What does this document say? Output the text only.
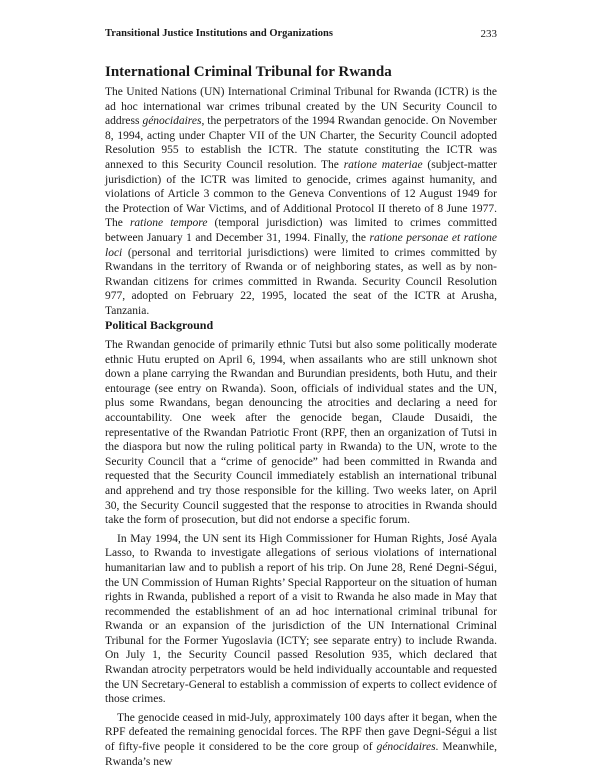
Transitional Justice Institutions and Organizations	233
International Criminal Tribunal for Rwanda

The United Nations (UN) International Criminal Tribunal for Rwanda (ICTR) is the ad hoc international war crimes tribunal created by the UN Security Council to address génocidaires, the perpetrators of the 1994 Rwandan genocide. On November 8, 1994, acting under Chapter VII of the UN Charter, the Security Council adopted Resolution 955 to establish the ICTR. The statute constituting the ICTR was annexed to this Security Council resolution. The ratione materiae (subject-matter jurisdiction) of the ICTR was limited to genocide, crimes against humanity, and violations of Article 3 common to the Geneva Conventions of 12 August 1949 for the Protection of War Victims, and of Additional Protocol II thereto of 8 June 1977. The ratione tempore (temporal jurisdiction) was limited to crimes committed between January 1 and December 31, 1994. Finally, the ratione personae et ratione loci (personal and territorial jurisdictions) were limited to crimes committed by Rwandans in the territory of Rwanda or of neighboring states, as well as by non-Rwandan citizens for crimes committed in Rwanda. Security Council Resolution 977, adopted on February 22, 1995, located the seat of the ICTR at Arusha, Tanzania.

Political Background

The Rwandan genocide of primarily ethnic Tutsi but also some politically moderate ethnic Hutu erupted on April 6, 1994, when assailants who are still unknown shot down a plane carrying the Rwandan and Burundian presidents, both Hutu, and their entourage (see entry on Rwanda). Soon, officials of individual states and the UN, plus some Rwandans, began denouncing the atrocities and declaring a need for accountability. One week after the genocide began, Claude Dusaidi, the representative of the Rwandan Patriotic Front (RPF, then an organization of Tutsi in the diaspora but now the ruling political party in Rwanda) to the UN, wrote to the Security Council that a “crime of genocide” had been committed in Rwanda and requested that the Security Council immediately establish an international tribunal and apprehend and try those responsible for the killing. Two weeks later, on April 30, the Security Council suggested that the response to atrocities in Rwanda should take the form of prosecution, but did not endorse a specific forum.

In May 1994, the UN sent its High Commissioner for Human Rights, José Ayala Lasso, to Rwanda to investigate allegations of serious violations of international humanitarian law and to publish a report of his trip. On June 28, René Degni-Ségui, the UN Commission of Human Rights’ Special Rapporteur on the situation of human rights in Rwanda, published a report of a visit to Rwanda he also made in May that recommended the establishment of an ad hoc international criminal tribunal for Rwanda or an expansion of the jurisdiction of the UN International Criminal Tribunal for the Former Yugoslavia (ICTY; see separate entry) to include Rwanda. On July 1, the Security Council passed Resolution 935, which declared that Rwandan atrocity perpetrators would be held individually accountable and requested the UN Secretary-General to establish a commission of experts to collect evidence of those crimes.

The genocide ceased in mid-July, approximately 100 days after it began, when the RPF defeated the remaining genocidal forces. The RPF then gave Degni-Ségui a list of fifty-five people it considered to be the core group of génocidaires. Meanwhile, Rwanda’s new
